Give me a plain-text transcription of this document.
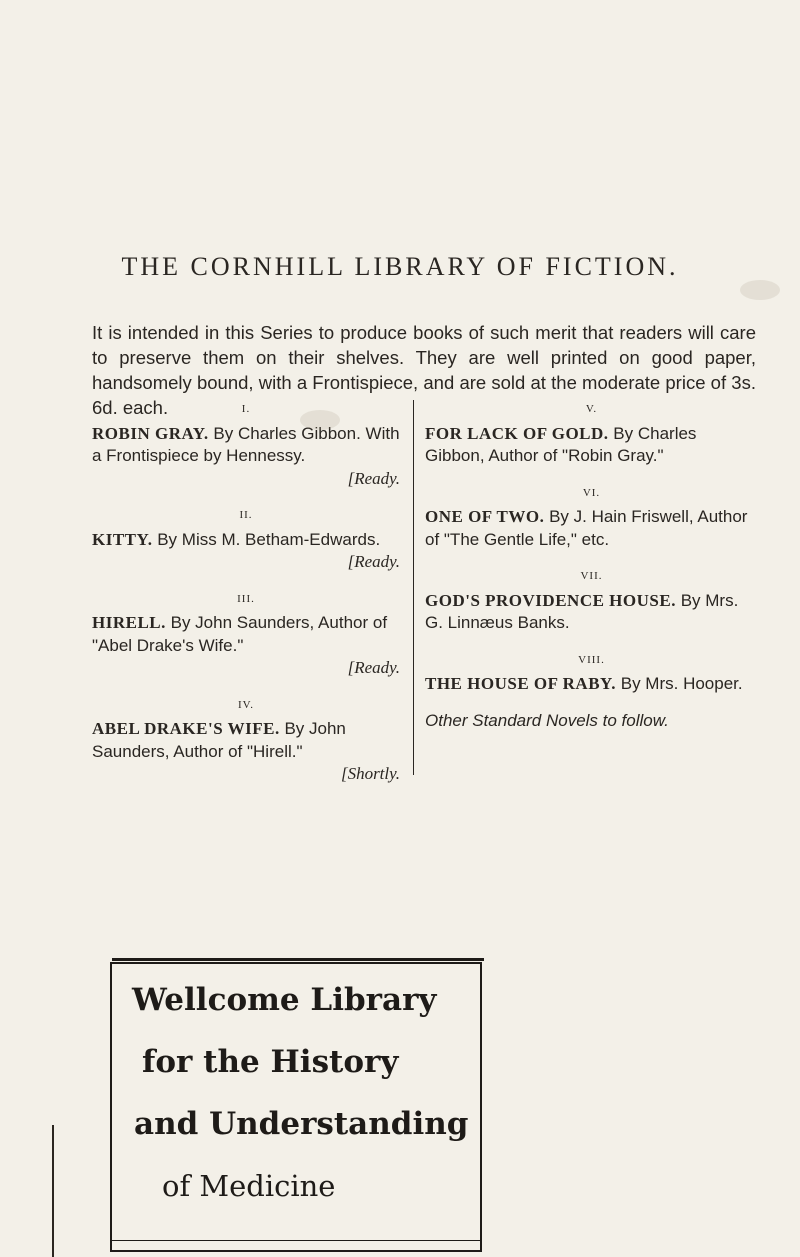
THE CORNHILL LIBRARY OF FICTION.
It is intended in this Series to produce books of such merit that readers will care to preserve them on their shelves. They are well printed on good paper, handsomely bound, with a Frontispiece, and are sold at the moderate price of 3s. 6d. each.	I.
ROBIN GRAY. By Charles Gibbon. With a Frontispiece by Hennessy.
[Ready.
II.
KITTY. By Miss M. Betham-Edwards.
[Ready.
III.
HIRELL. By John Saunders, Author of "Abel Drake's Wife."
[Ready.
IV.
ABEL DRAKE'S WIFE. By John Saunders, Author of "Hirell."
[Shortly.
V.
FOR LACK OF GOLD. By Charles Gibbon, Author of "Robin Gray."
VI.
ONE OF TWO. By J. Hain Friswell, Author of "The Gentle Life," etc.
VII.
GOD'S PROVIDENCE HOUSE. By Mrs. G. Linnæus Banks.
VIII.
THE HOUSE OF RABY. By Mrs. Hooper.
Other Standard Novels to follow.
Wellcome Library
for the History
and Understanding
of Medicine
